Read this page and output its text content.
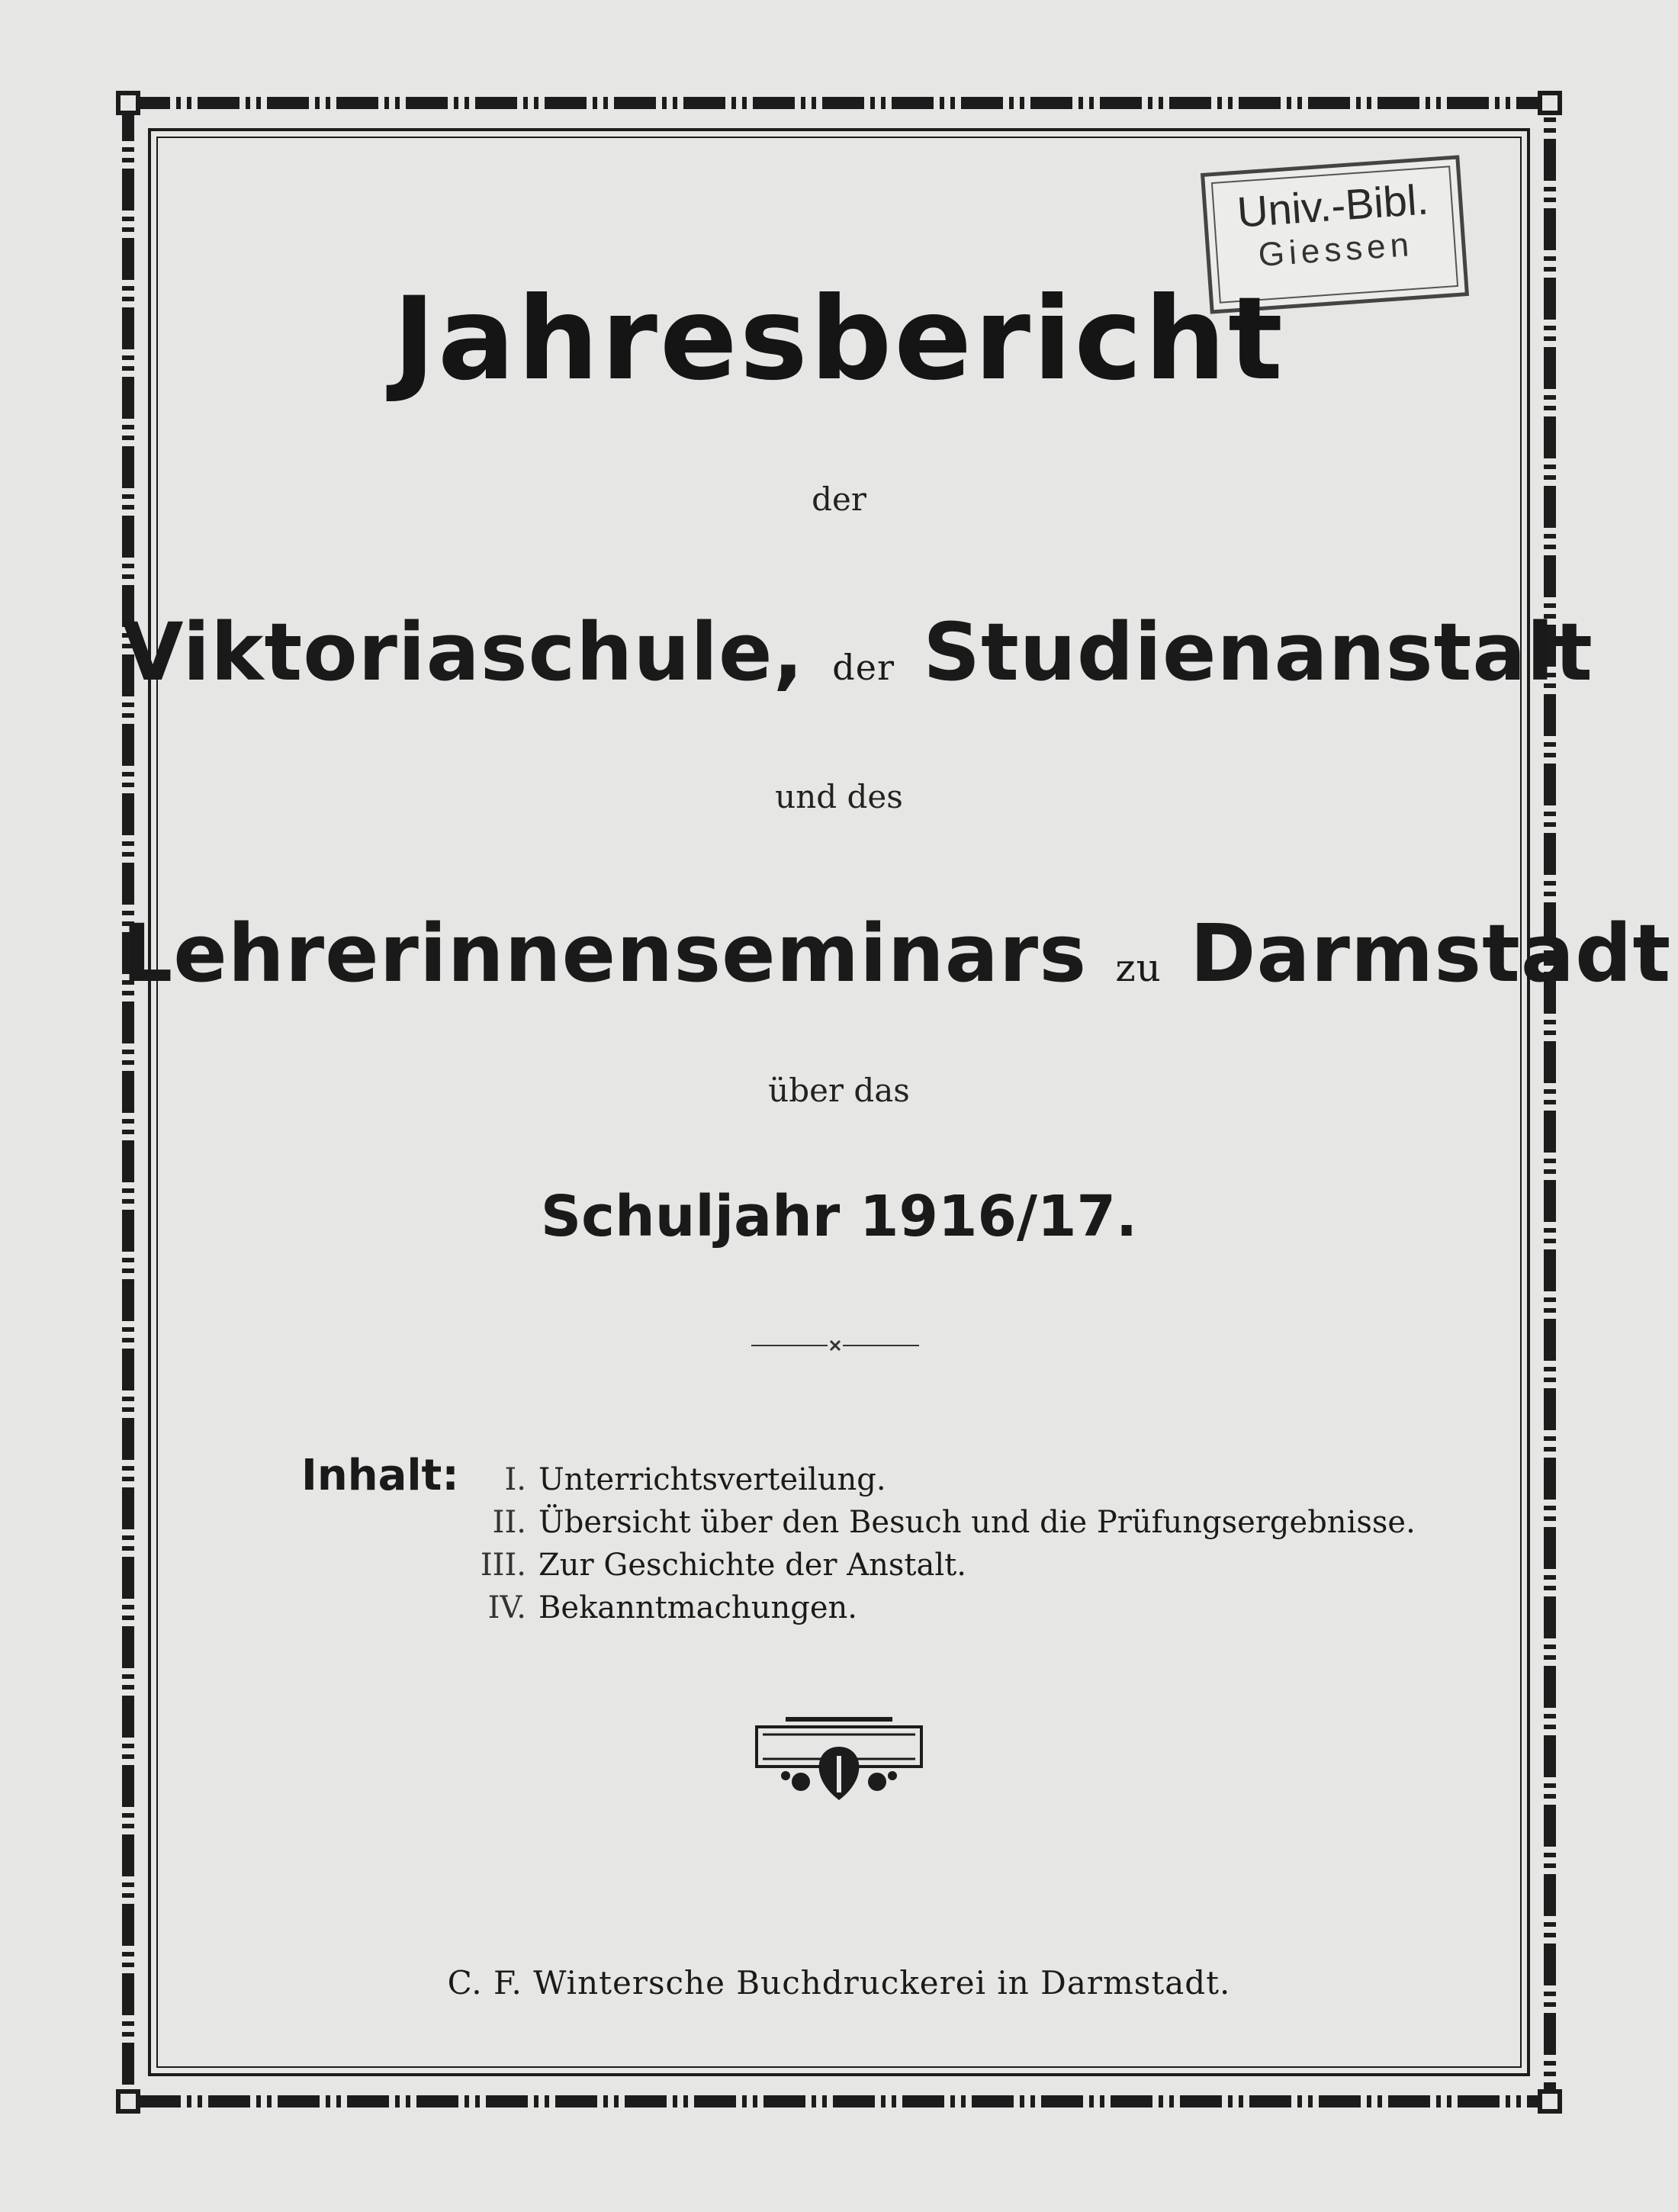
Univ.-Bibl.
Giessen
Jahresbericht

der

Viktoriaschule, der Studienanstalt

und des

Lehrerinnenseminars zu Darmstadt

über das

Schuljahr 1916/17.

Inhalt:	I. Unterrichtsverteilung.
II. Übersicht über den Besuch und die Prüfungsergebnisse.
III. Zur Geschichte der Anstalt.
IV. Bekanntmachungen.

C. F. Wintersche Buchdruckerei in Darmstadt.
